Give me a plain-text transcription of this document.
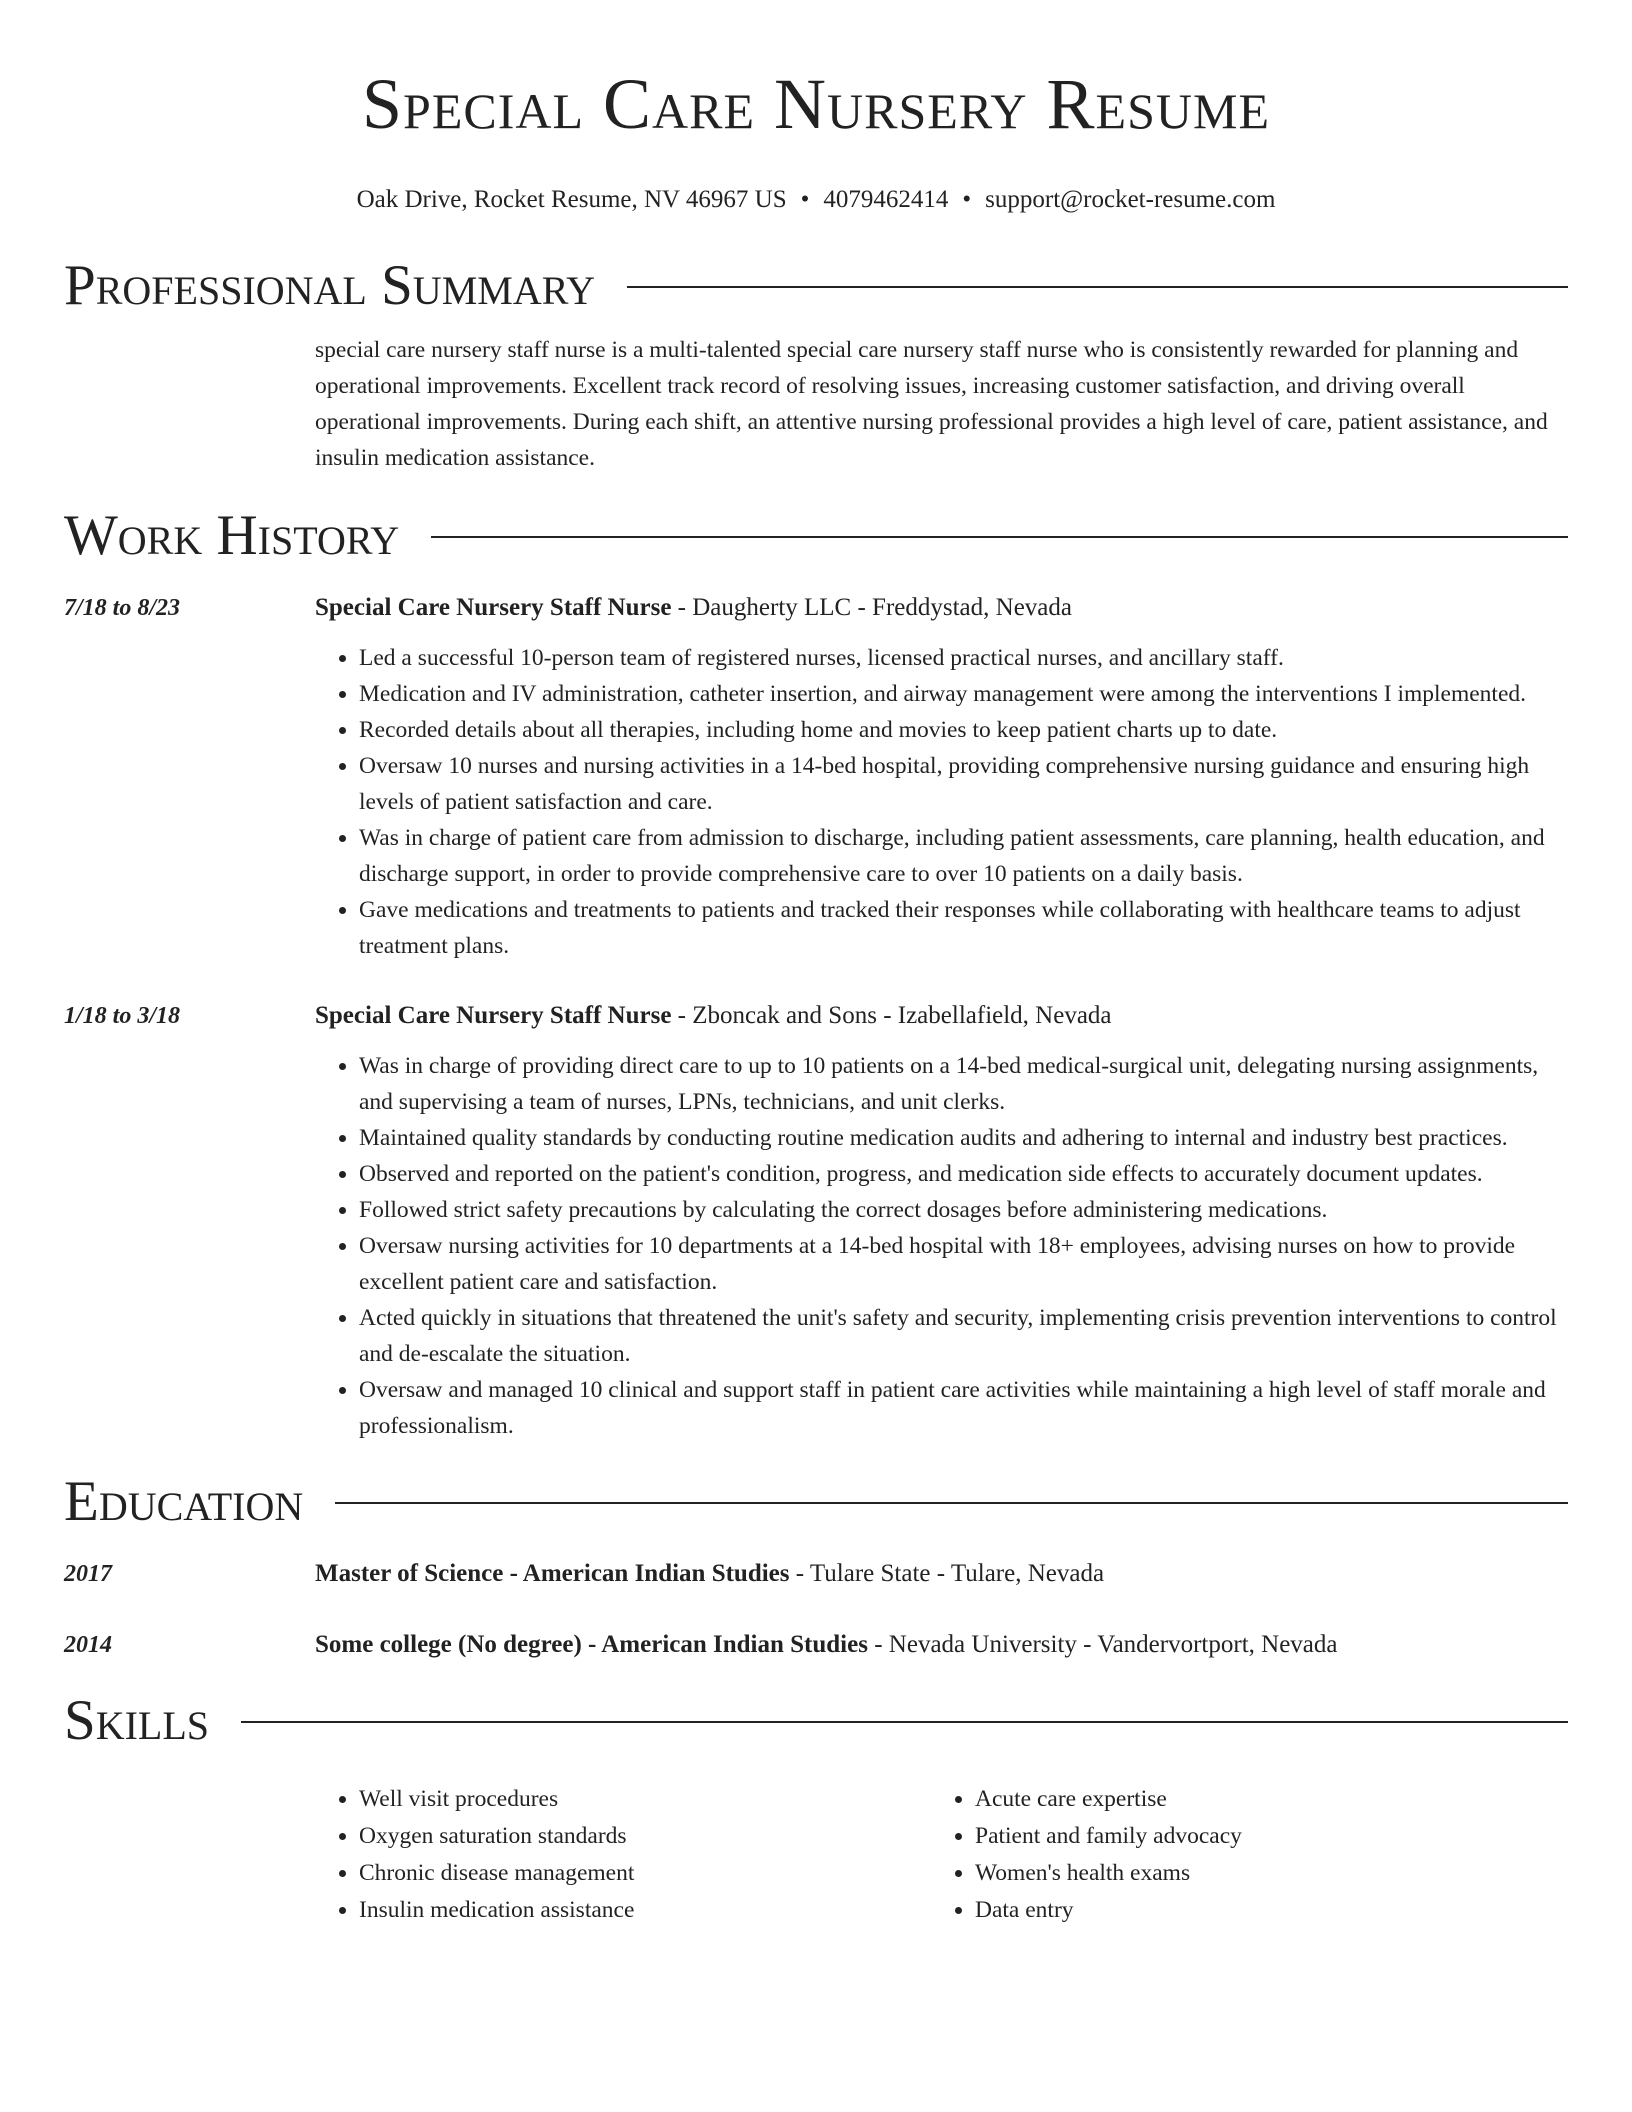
Special Care Nursery Resume
Oak Drive, Rocket Resume, NV 46967 US • 4079462414 • support@rocket-resume.com
Professional Summary
special care nursery staff nurse is a multi-talented special care nursery staff nurse who is consistently rewarded for planning and operational improvements. Excellent track record of resolving issues, increasing customer satisfaction, and driving overall operational improvements. During each shift, an attentive nursing professional provides a high level of care, patient assistance, and insulin medication assistance.
Work History
7/18 to 8/23	Special Care Nursery Staff Nurse - Daugherty LLC - Freddystad, Nevada
• Led a successful 10-person team of registered nurses, licensed practical nurses, and ancillary staff.
• Medication and IV administration, catheter insertion, and airway management were among the interventions I implemented.
• Recorded details about all therapies, including home and movies to keep patient charts up to date.
• Oversaw 10 nurses and nursing activities in a 14-bed hospital, providing comprehensive nursing guidance and ensuring high levels of patient satisfaction and care.
• Was in charge of patient care from admission to discharge, including patient assessments, care planning, health education, and discharge support, in order to provide comprehensive care to over 10 patients on a daily basis.
• Gave medications and treatments to patients and tracked their responses while collaborating with healthcare teams to adjust treatment plans.
1/18 to 3/18	Special Care Nursery Staff Nurse - Zboncak and Sons - Izabellafield, Nevada
• Was in charge of providing direct care to up to 10 patients on a 14-bed medical-surgical unit, delegating nursing assignments, and supervising a team of nurses, LPNs, technicians, and unit clerks.
• Maintained quality standards by conducting routine medication audits and adhering to internal and industry best practices.
• Observed and reported on the patient's condition, progress, and medication side effects to accurately document updates.
• Followed strict safety precautions by calculating the correct dosages before administering medications.
• Oversaw nursing activities for 10 departments at a 14-bed hospital with 18+ employees, advising nurses on how to provide excellent patient care and satisfaction.
• Acted quickly in situations that threatened the unit's safety and security, implementing crisis prevention interventions to control and de-escalate the situation.
• Oversaw and managed 10 clinical and support staff in patient care activities while maintaining a high level of staff morale and professionalism.
Education
2017	Master of Science - American Indian Studies - Tulare State - Tulare, Nevada
2014	Some college (No degree) - American Indian Studies - Nevada University - Vandervortport, Nevada
Skills
• Well visit procedures
• Oxygen saturation standards
• Chronic disease management
• Insulin medication assistance
• Acute care expertise
• Patient and family advocacy
• Women's health exams
• Data entry
